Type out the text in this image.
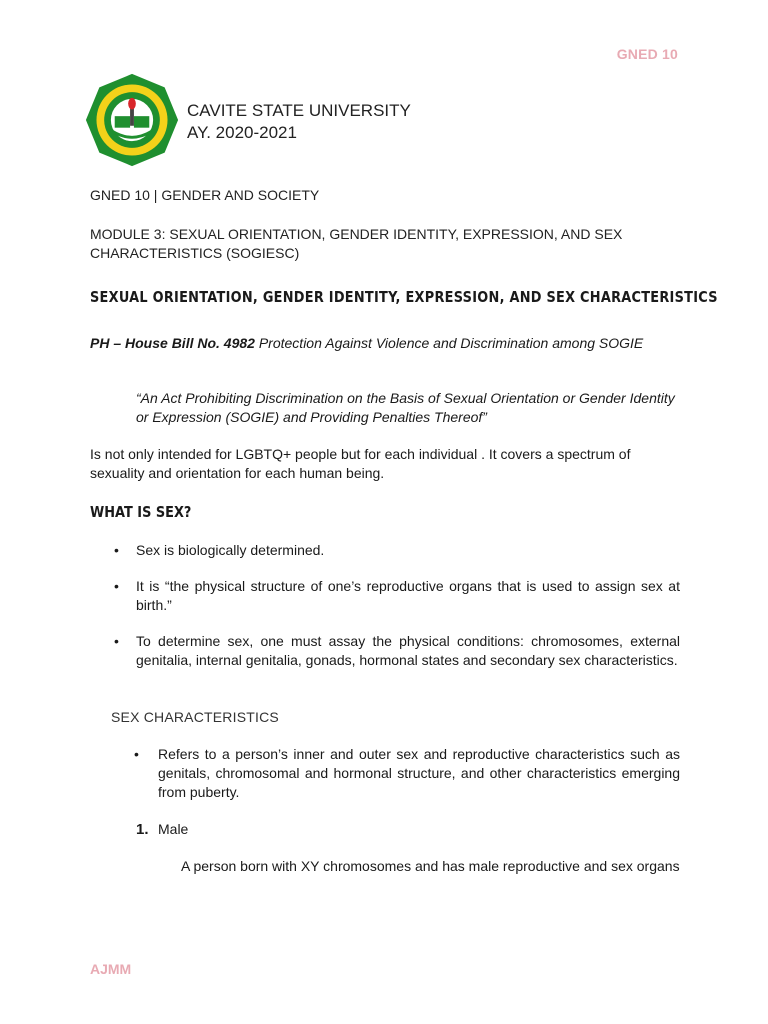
GNED 10
CAVITE STATE UNIVERSITY
AY. 2020-2021
GNED 10 | GENDER AND SOCIETY
MODULE 3: SEXUAL ORIENTATION, GENDER IDENTITY, EXPRESSION, AND SEX CHARACTERISTICS (SOGIESC)
SEXUAL ORIENTATION, GENDER IDENTITY, EXPRESSION, AND SEX CHARACTERISTICS
PH – House Bill No. 4982 Protection Against Violence and Discrimination among SOGIE
“An Act Prohibiting Discrimination on the Basis of Sexual Orientation or Gender Identity or Expression (SOGIE) and Providing Penalties Thereof”
Is not only intended for LGBTQ+ people but for each individual . It covers a spectrum of sexuality and orientation for each human being.
WHAT IS SEX?
• Sex is biologically determined.
• It is “the physical structure of one’s reproductive organs that is used to assign sex at birth.”
• To determine sex, one must assay the physical conditions: chromosomes, external genitalia, internal genitalia, gonads, hormonal states and secondary sex characteristics.
SEX CHARACTERISTICS
• Refers to a person’s inner and outer sex and reproductive characteristics such as genitals, chromosomal and hormonal structure, and other characteristics emerging from puberty.
1. Male
A person born with XY chromosomes and has male reproductive and sex organs
AJMM
